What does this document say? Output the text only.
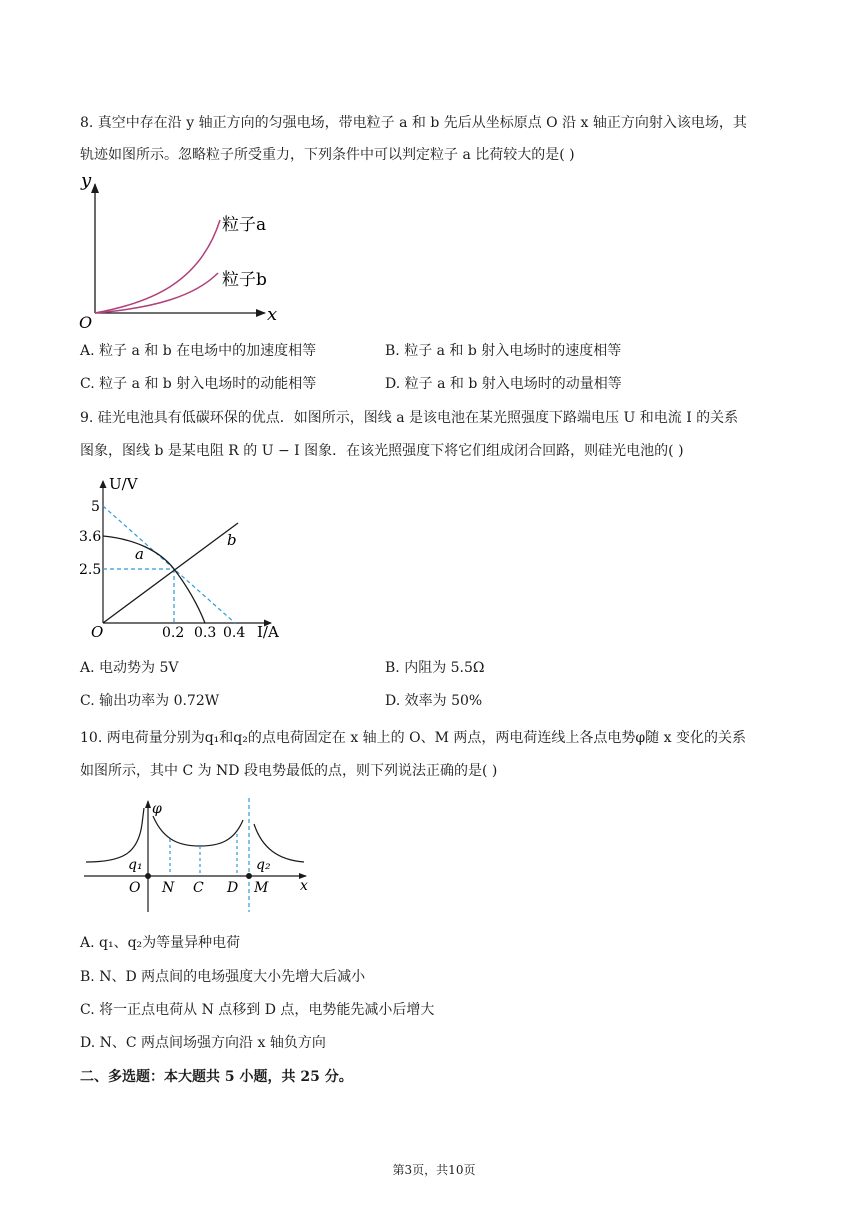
8. 真空中存在沿 y 轴正方向的匀强电场，带电粒子 a 和 b 先后从坐标原点 O 沿 x 轴正方向射入该电场，其
轨迹如图所示。忽略粒子所受重力，下列条件中可以判定粒子 a 比荷较大的是( )
y
x
O
粒子a
粒子b
A. 粒子 a 和 b 在电场中的加速度相等	B. 粒子 a 和 b 射入电场时的速度相等
C. 粒子 a 和 b 射入电场时的动能相等	D. 粒子 a 和 b 射入电场时的动量相等
9. 硅光电池具有低碳环保的优点．如图所示，图线 a 是该电池在某光照强度下路端电压 U 和电流 I 的关系
图象，图线 b 是某电阻 R 的 U − I 图象．在该光照强度下将它们组成闭合回路，则硅光电池的( )
U/V
I/A
O
5
3.6
2.5
0.2 0.3 0.4
a
b
A. 电动势为 5V	B. 内阻为 5.5Ω
C. 输出功率为 0.72W	D. 效率为 50%
10. 两电荷量分别为q₁和q₂的点电荷固定在 x 轴上的 O、M 两点，两电荷连线上各点电势φ随 x 变化的关系
如图所示，其中 C 为 ND 段电势最低的点，则下列说法正确的是( )
φ
x
q₁	q₂
O N C D M
A. q₁、q₂为等量异种电荷
B. N、D 两点间的电场强度大小先增大后减小
C. 将一正点电荷从 N 点移到 D 点，电势能先减小后增大
D. N、C 两点间场强方向沿 x 轴负方向
二、多选题：本大题共 5 小题，共 25 分。
第3页，共10页
